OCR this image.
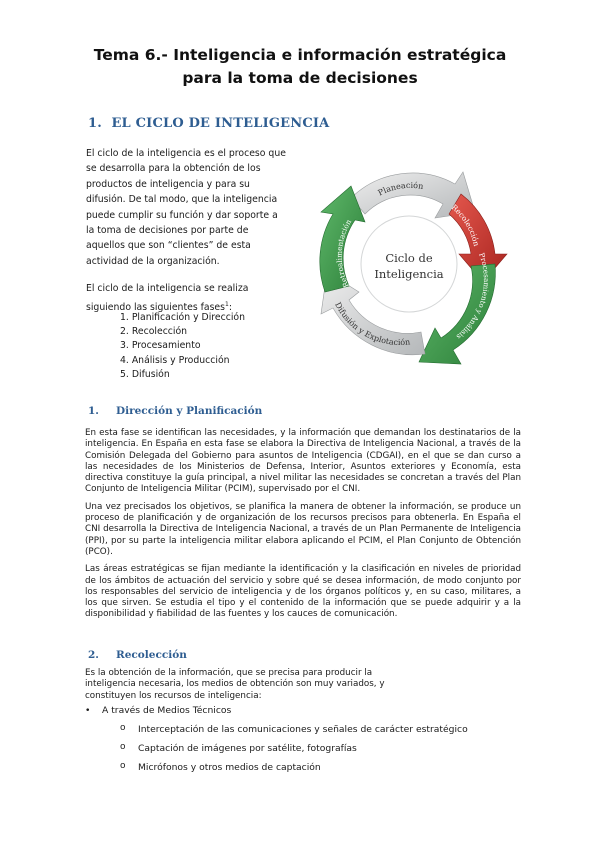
Tema 6.- Inteligencia e información estratégica
para la toma de decisiones
1. EL CICLO DE INTELIGENCIA

El ciclo de la inteligencia es el proceso que se desarrolla para la obtención de los productos de inteligencia y para su difusión. De tal modo, que la inteligencia puede cumplir su función y dar soporte a la toma de decisiones por parte de aquellos que son “clientes” de esta actividad de la organización.

El ciclo de la inteligencia se realiza siguiendo las siguientes fases$^1$:

1. Planificación y Dirección
2. Recolección
3. Procesamiento
4. Análisis y Producción
5. Difusión
Ciclo de
Inteligencia
Planeación
Recolección
Procesamiento y Análisis
Difusión y Explotación
Retroalimentación
1. Dirección y Planificación

En esta fase se identifican las necesidades, y la información que demandan los destinatarios de la inteligencia. En España en esta fase se elabora la Directiva de Inteligencia Nacional, a través de la Comisión Delegada del Gobierno para asuntos de Inteligencia (CDGAI), en el que se dan curso a las necesidades de los Ministerios de Defensa, Interior, Asuntos exteriores y Economía, esta directiva constituye la guía principal, a nivel militar las necesidades se concretan a través del Plan Conjunto de Inteligencia Militar (PCIM), supervisado por el CNI.

Una vez precisados los objetivos, se planifica la manera de obtener la información, se produce un proceso de planificación y de organización de los recursos precisos para obtenerla. En España el CNI desarrolla la Directiva de Inteligencia Nacional, a través de un Plan Permanente de Inteligencia (PPI), por su parte la inteligencia militar elabora aplicando el PCIM, el Plan Conjunto de Obtención (PCO).

Las áreas estratégicas se fijan mediante la identificación y la clasificación en niveles de prioridad de los ámbitos de actuación del servicio y sobre qué se desea información, de modo conjunto por los responsables del servicio de inteligencia y de los órganos políticos y, en su caso, militares, a los que sirven. Se estudia el tipo y el contenido de la información que se puede adquirir y a la disponibilidad y fiabilidad de las fuentes y los cauces de comunicación.

2. Recolección

Es la obtención de la información, que se precisa para producir la inteligencia necesaria, los medios de obtención son muy variados, y constituyen los recursos de inteligencia:

• A través de Medios Técnicos
o Interceptación de las comunicaciones y señales de carácter estratégico
o Captación de imágenes por satélite, fotografías
o Micrófonos y otros medios de captación
